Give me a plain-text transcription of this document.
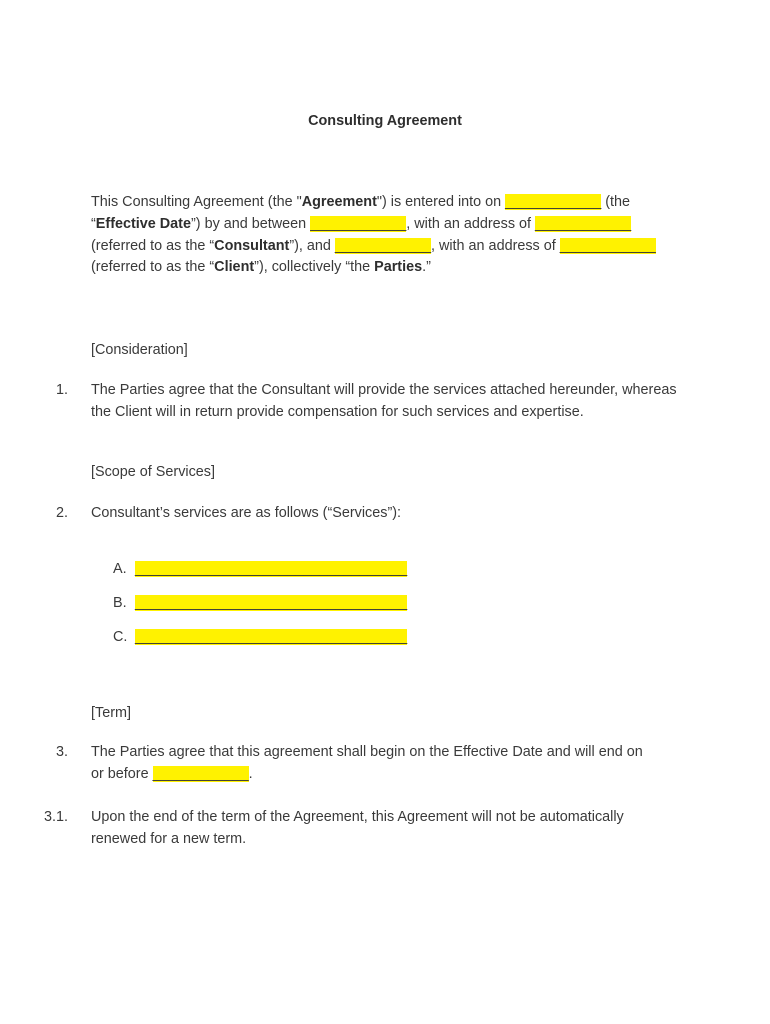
Consulting Agreement
This Consulting Agreement (the "Agreement") is entered into on ____________ (the
“Effective Date”) by and between ____________, with an address of ____________
(referred to as the “Consultant”), and ____________, with an address of ____________
(referred to as the “Client”), collectively “the Parties.”
[Consideration]
1. The Parties agree that the Consultant will provide the services attached hereunder, whereas the Client will in return provide compensation for such services and expertise.
[Scope of Services]
2. Consultant’s services are as follows (“Services”):
A. __________________________________
B. __________________________________
C. __________________________________
[Term]
3. The Parties agree that this agreement shall begin on the Effective Date and will end on
or before ____________.
3.1. Upon the end of the term of the Agreement, this Agreement will not be automatically renewed for a new term.
